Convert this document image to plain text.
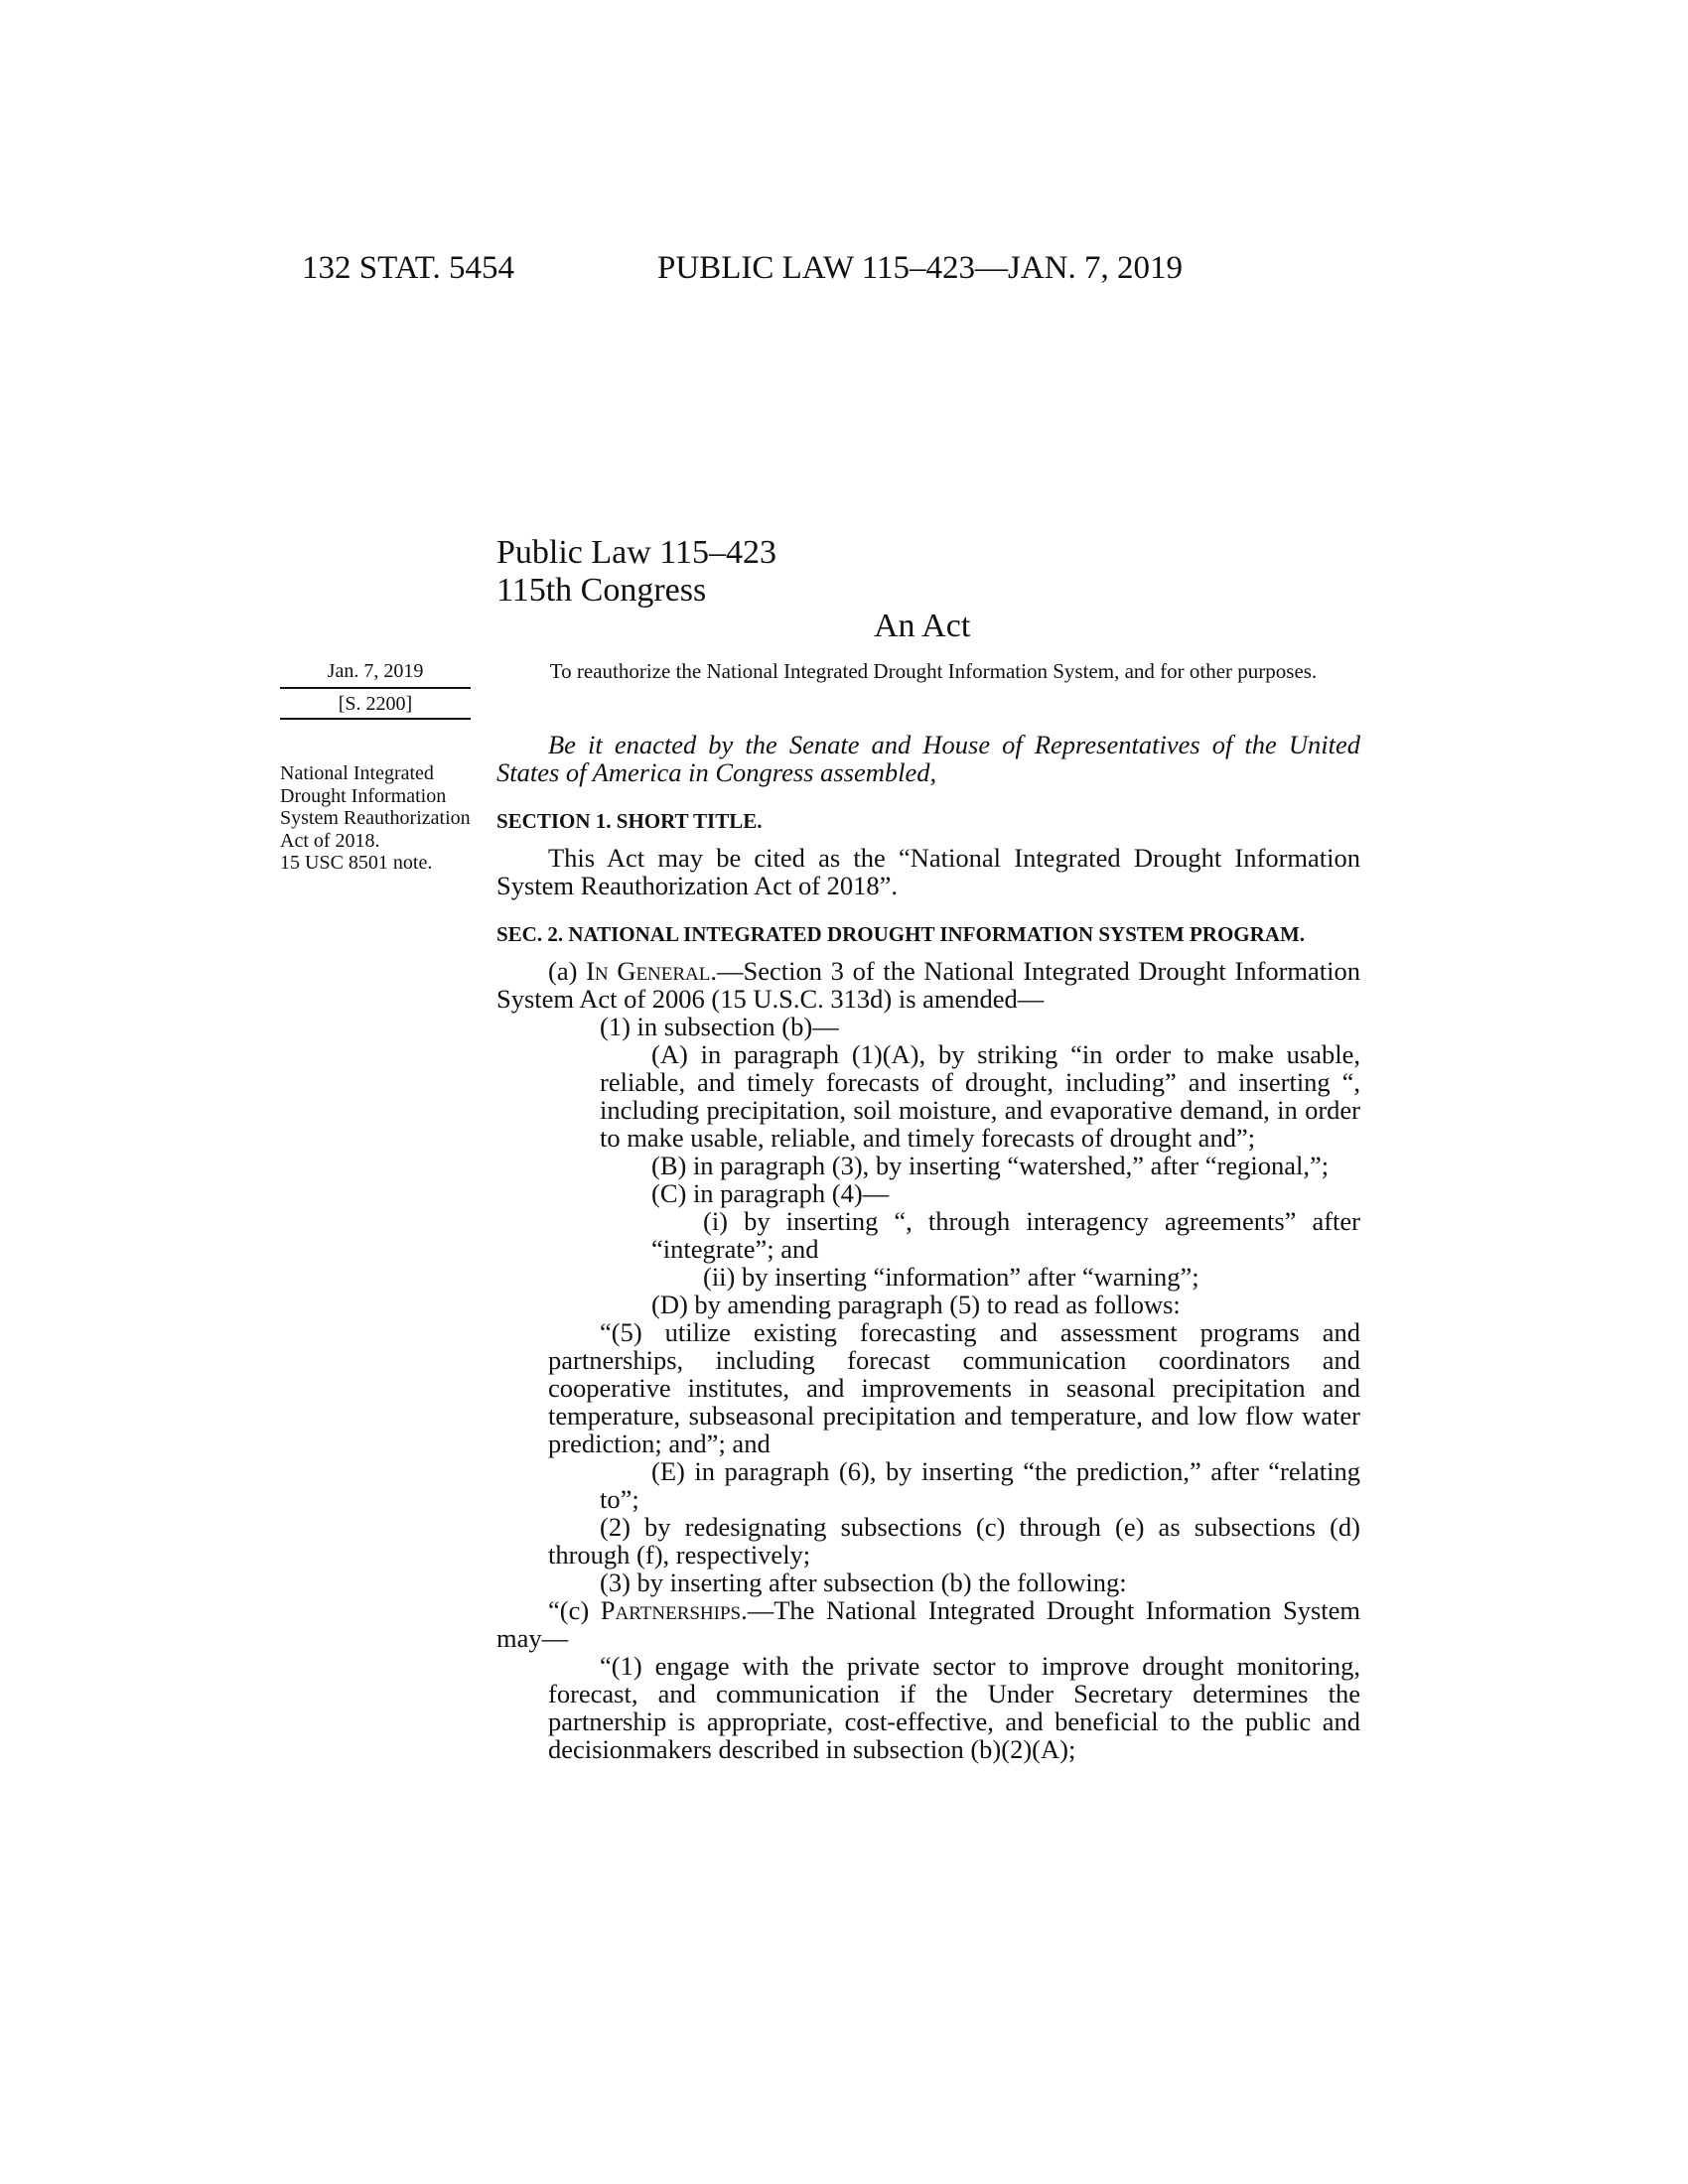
132 STAT. 5454	PUBLIC LAW 115–423—JAN. 7, 2019
Public Law 115–423
115th Congress
An Act
Jan. 7, 2019
[S. 2200]
National Integrated Drought Information System Reauthorization Act of 2018.
15 USC 8501 note.
To reauthorize the National Integrated Drought Information System, and for other purposes.

Be it enacted by the Senate and House of Representatives of the United States of America in Congress assembled,

SECTION 1. SHORT TITLE.

This Act may be cited as the “National Integrated Drought Information System Reauthorization Act of 2018”.

SEC. 2. NATIONAL INTEGRATED DROUGHT INFORMATION SYSTEM PROGRAM.

(a) In General.—Section 3 of the National Integrated Drought Information System Act of 2006 (15 U.S.C. 313d) is amended—

(1) in subsection (b)—

(A) in paragraph (1)(A), by striking “in order to make usable, reliable, and timely forecasts of drought, including” and inserting “, including precipitation, soil moisture, and evaporative demand, in order to make usable, reliable, and timely forecasts of drought and”;

(B) in paragraph (3), by inserting “watershed,” after “regional,”;

(C) in paragraph (4)—

(i) by inserting “, through interagency agreements” after “integrate”; and

(ii) by inserting “information” after “warning”;

(D) by amending paragraph (5) to read as follows:

“(5) utilize existing forecasting and assessment programs and partnerships, including forecast communication coordinators and cooperative institutes, and improvements in seasonal precipitation and temperature, subseasonal precipitation and temperature, and low flow water prediction; and”; and

(E) in paragraph (6), by inserting “the prediction,” after “relating to”;

(2) by redesignating subsections (c) through (e) as subsections (d) through (f), respectively;

(3) by inserting after subsection (b) the following:

“(c) Partnerships.—The National Integrated Drought Information System may—

“(1) engage with the private sector to improve drought monitoring, forecast, and communication if the Under Secretary determines the partnership is appropriate, cost-effective, and beneficial to the public and decisionmakers described in subsection (b)(2)(A);
